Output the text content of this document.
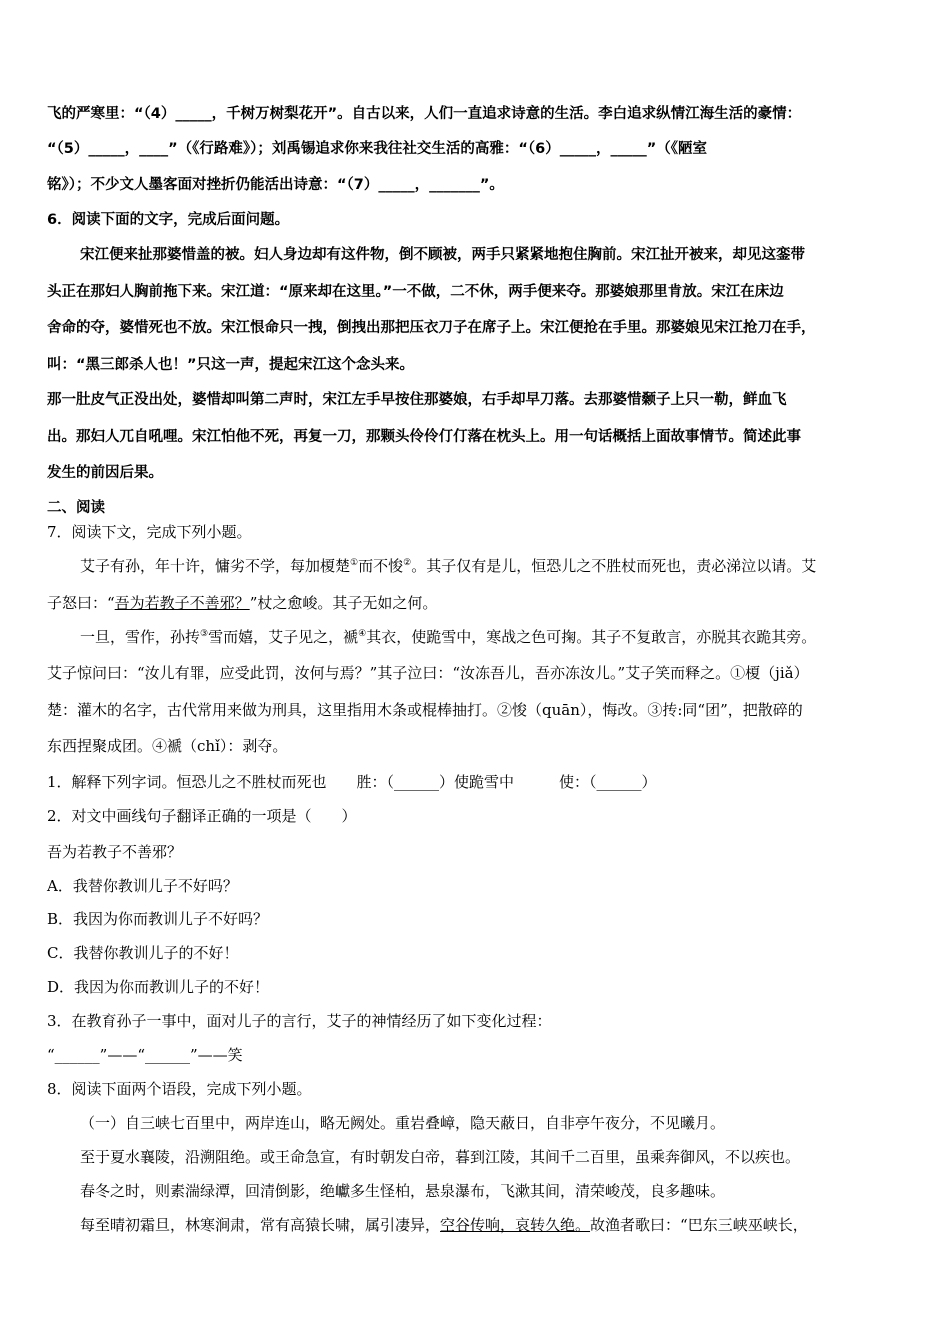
飞的严寒里：“（4）_____，千树万树梨花开”。自古以来，人们一直追求诗意的生活。李白追求纵情江海生活的豪情：
“（5）_____，____”（《行路难》）；刘禹锡追求你来我往社交生活的高雅：“（6）_____，_____”（《陋室
铭》）；不少文人墨客面对挫折仍能活出诗意：“（7）_____，_______”。
6．阅读下面的文字，完成后面问题。
宋江便来扯那婆惜盖的被。妇人身边却有这件物，倒不顾被，两手只紧紧地抱住胸前。宋江扯开被来，却见这銮带
头正在那妇人胸前拖下来。宋江道：“原来却在这里。”一不做，二不休，两手便来夺。那婆娘那里肯放。宋江在床边
舍命的夺，婆惜死也不放。宋江恨命只一拽，倒拽出那把压衣刀子在席子上。宋江便抢在手里。那婆娘见宋江抢刀在手，
叫：“黑三郎杀人也！”只这一声，提起宋江这个念头来。
那一肚皮气正没出处，婆惜却叫第二声时，宋江左手早按住那婆娘，右手却早刀落。去那婆惜颡子上只一勒，鲜血飞
出。那妇人兀自吼哩。宋江怕他不死，再复一刀，那颗头伶伶仃仃落在枕头上。用一句话概括上面故事情节。简述此事
发生的前因后果。
二、阅读
7．阅读下文，完成下列小题。
艾子有孙，年十许，慵劣不学，每加榎楚①而不悛②。其子仅有是儿，恒恐儿之不胜杖而死也，责必涕泣以请。艾
子怒曰：“吾为若教子不善邪？”杖之愈峻。其子无如之何。
一旦，雪作，孙抟③雪而嬉，艾子见之，褫④其衣，使跪雪中，寒战之色可掬。其子不复敢言，亦脱其衣跪其旁。
艾子惊问曰：“汝儿有罪，应受此罚，汝何与焉？”其子泣曰：“汝冻吾儿，吾亦冻汝儿。”艾子笑而释之。①榎（jiǎ）
楚：灌木的名字，古代常用来做为刑具，这里指用木条或棍棒抽打。②悛（quān），悔改。③抟:同“团”，把散碎的
东西捏聚成团。④褫（chǐ）：剥夺。
1．解释下列字词。恒恐儿之不胜杖而死也　　胜：（______）使跪雪中　　　使：（______）
2．对文中画线句子翻译正确的一项是（　　）
吾为若教子不善邪？
A．我替你教训儿子不好吗？
B．我因为你而教训儿子不好吗？
C．我替你教训儿子的不好！
D．我因为你而教训儿子的不好！
3．在教育孙子一事中，面对儿子的言行，艾子的神情经历了如下变化过程：
“______”——“______”——笑
8．阅读下面两个语段，完成下列小题。
（一）自三峡七百里中，两岸连山，略无阙处。重岩叠嶂，隐天蔽日，自非亭午夜分，不见曦月。
至于夏水襄陵，沿溯阻绝。或王命急宣，有时朝发白帝，暮到江陵，其间千二百里，虽乘奔御风，不以疾也。
春冬之时，则素湍绿潭，回清倒影，绝巘多生怪柏，悬泉瀑布，飞漱其间，清荣峻茂，良多趣味。
每至晴初霜旦，林寒涧肃，常有高猿长啸，属引凄异，空谷传响，哀转久绝。故渔者歌曰：“巴东三峡巫峡长，
